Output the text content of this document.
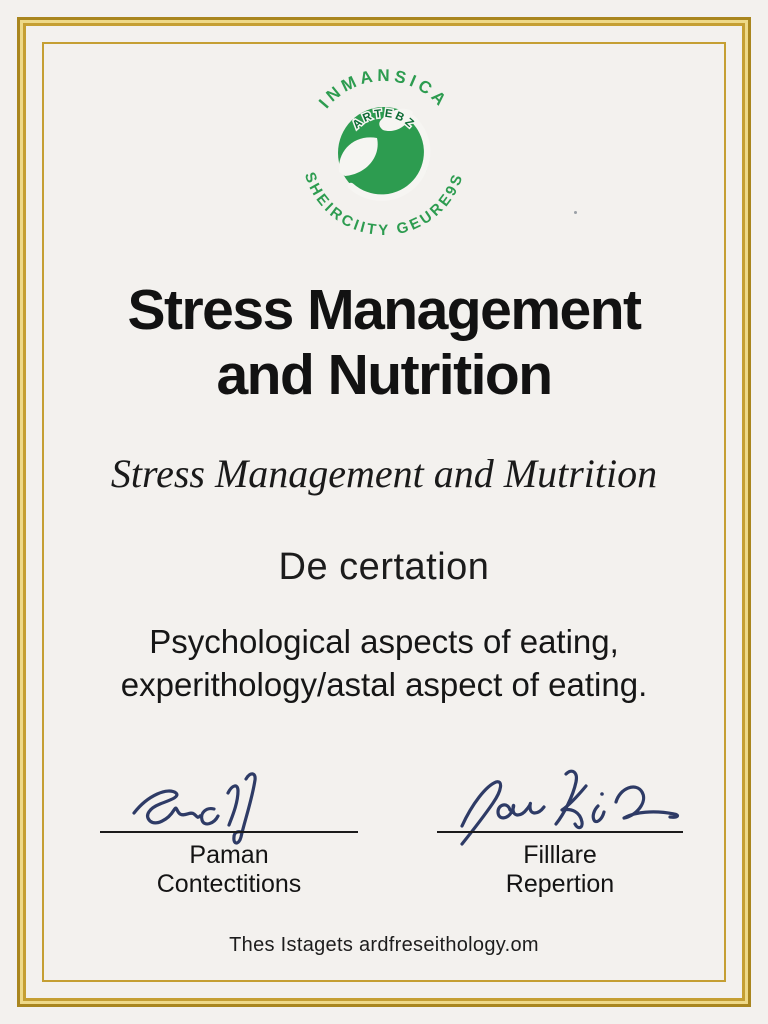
INMANSICA
SHEIRCIITY GEURE9S
ARTEBZ
Stress Management
and Nutrition
Stress Management and Mutrition
De certation
Psychological aspects of eating,
experithology/astal aspect of eating.
Paman
Contectitions
Filllare
Repertion
Thes Istagets ardfreseithology.om
